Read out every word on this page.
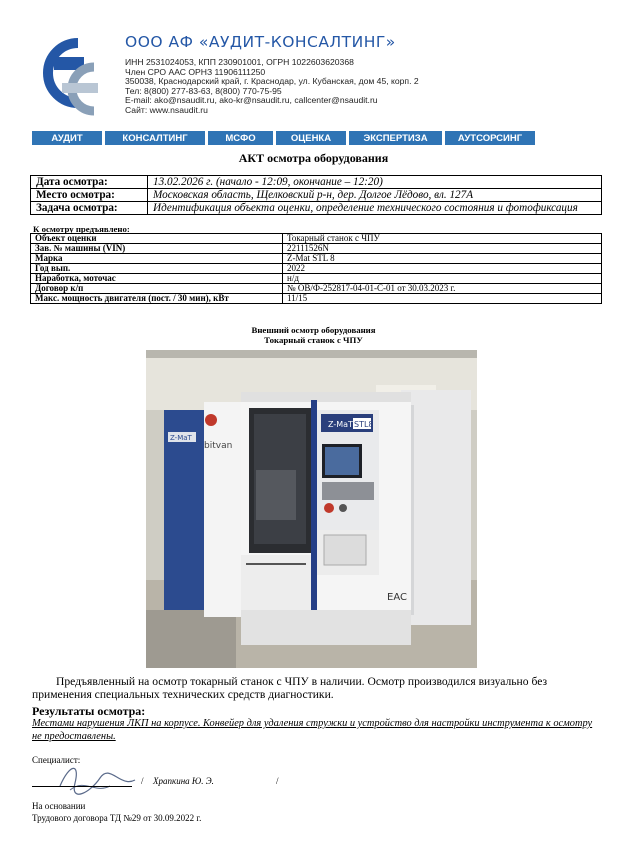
ООО АФ «АУДИТ-КОНСАЛТИНГ»
ИНН 2531024053, КПП 230901001, ОГРН 1022603620368
Член СРО ААС ОРНЗ 11906111250
350038, Краснодарский край, г. Краснодар, ул. Кубанская, дом 45, корп. 2
Тел: 8(800) 277-83-63, 8(800) 770-75-95
E-mail: ako@nsaudit.ru, ako-kr@nsaudit.ru, callcenter@nsaudit.ru
Сайт: www.nsaudit.ru
АУДИТ	КОНСАЛТИНГ	МСФО	ОЦЕНКА	ЭКСПЕРТИЗА	АУТСОРСИНГ
АКТ осмотра оборудования
Дата осмотра:	13.02.2026 г. (начало - 12:09, окончание – 12:20)
Место осмотра:	Московская область, Щелковский р-н, дер. Долгое Лёдово, вл. 127А
Задача осмотра:	Идентификация объекта оценки, определение технического состояния и фотофиксация
К осмотру предъявлено:
Объект оценки	Токарный станок с ЧПУ
Зав. № машины (VIN)	22111526N
Марка	Z-Mat STL 8
Год вып.	2022
Наработка, моточас	н/д
Договор к/п	№ ОВ/Ф-252817-04-01-С-01 от 30.03.2023 г.
Макс. мощность двигателя (пост. / 30 мин), кВт	11/15
Внешний осмотр оборудования
Токарный станок с ЧПУ
bitvan
Z-MaT
Z-MaT STL8
EAC
Предъявленный на осмотр токарный станок с ЧПУ в наличии. Осмотр производился визуально без применения специальных технических средств диагностики.
Результаты осмотра:
Местами нарушения ЛКП на корпусе. Конвейер для удаления стружки и устройство для настройки инструмента к осмотру не предоставлены.
Специалист:
/ Храпкина Ю. Э.	/
На основании
Трудового договора ТД №29 от 30.09.2022 г.
